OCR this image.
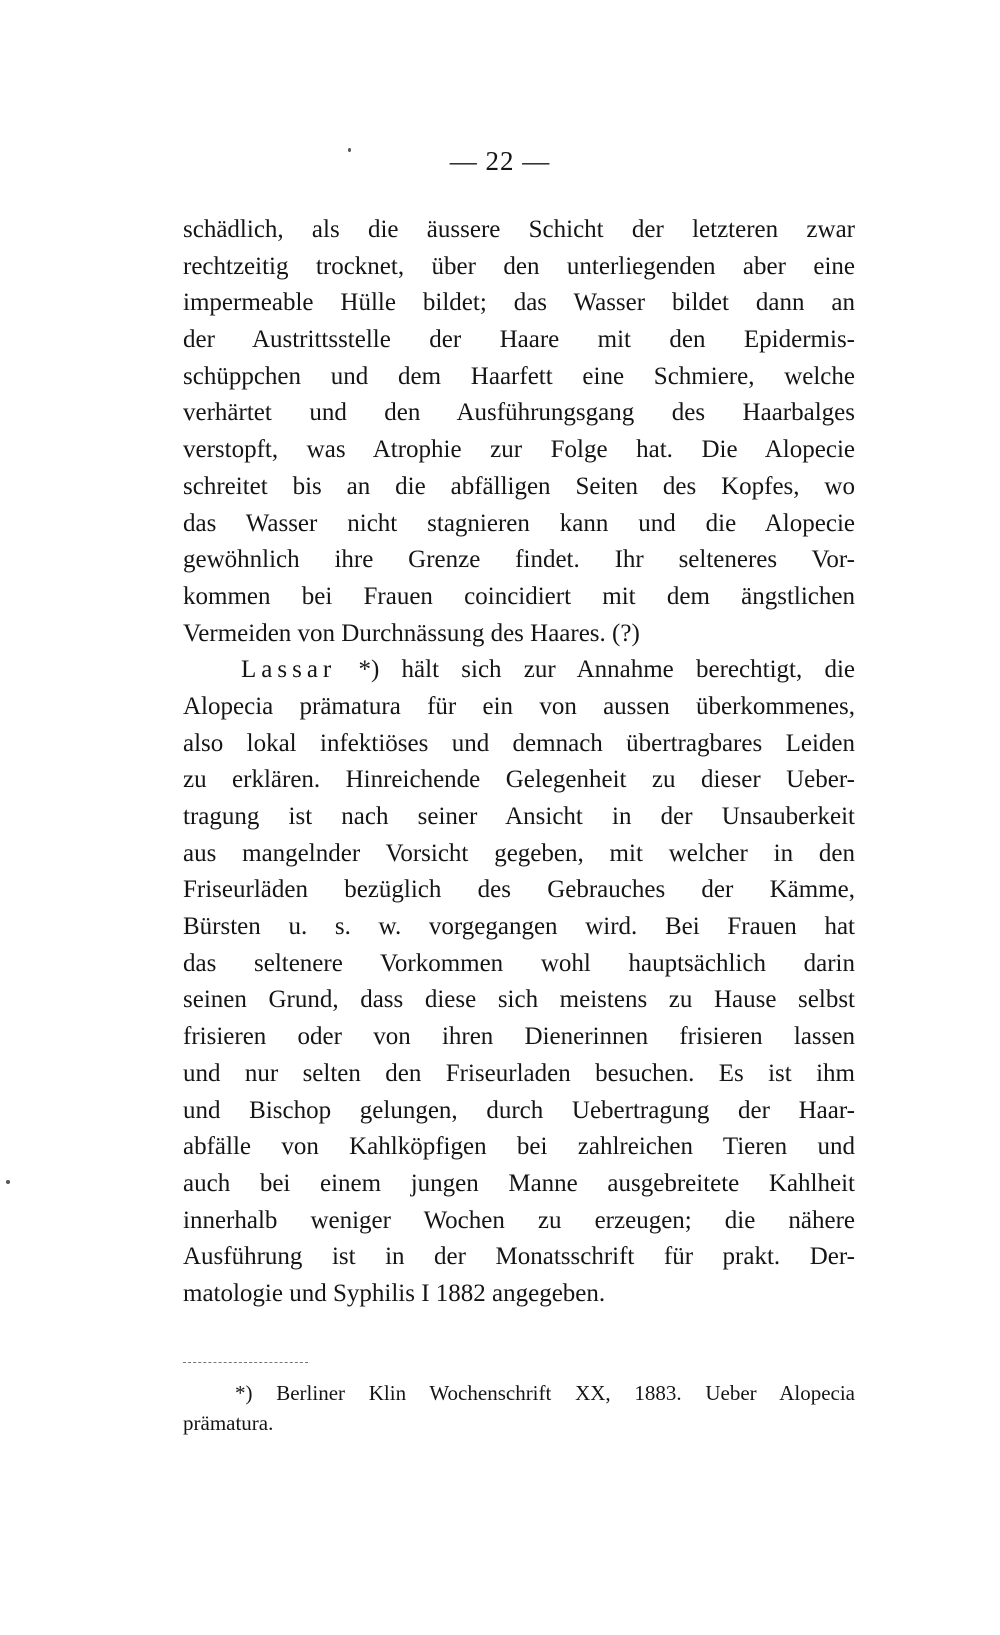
— 22 —
schädlich, als die äussere Schicht der letzteren zwar
rechtzeitig trocknet, über den unterliegenden aber eine
impermeable Hülle bildet; das Wasser bildet dann an
der Austrittsstelle der Haare mit den Epidermis-
schüppchen und dem Haarfett eine Schmiere, welche
verhärtet und den Ausführungsgang des Haarbalges
verstopft, was Atrophie zur Folge hat. Die Alopecie
schreitet bis an die abfälligen Seiten des Kopfes, wo
das Wasser nicht stagnieren kann und die Alopecie
gewöhnlich ihre Grenze findet. Ihr selteneres Vor-
kommen bei Frauen coincidiert mit dem ängstlichen
Vermeiden von Durchnässung des Haares. (?)
Lassar *) hält sich zur Annahme berechtigt, die
Alopecia prämatura für ein von aussen überkommenes,
also lokal infektiöses und demnach übertragbares Leiden
zu erklären. Hinreichende Gelegenheit zu dieser Ueber-
tragung ist nach seiner Ansicht in der Unsauberkeit
aus mangelnder Vorsicht gegeben, mit welcher in den
Friseurläden bezüglich des Gebrauches der Kämme,
Bürsten u. s. w. vorgegangen wird. Bei Frauen hat
das seltenere Vorkommen wohl hauptsächlich darin
seinen Grund, dass diese sich meistens zu Hause selbst
frisieren oder von ihren Dienerinnen frisieren lassen
und nur selten den Friseurladen besuchen. Es ist ihm
und Bischop gelungen, durch Uebertragung der Haar-
abfälle von Kahlköpfigen bei zahlreichen Tieren und
auch bei einem jungen Manne ausgebreitete Kahlheit
innerhalb weniger Wochen zu erzeugen; die nähere
Ausführung ist in der Monatsschrift für prakt. Der-
matologie und Syphilis I 1882 angegeben.
*) Berliner Klin Wochenschrift XX, 1883. Ueber Alopecia
prämatura.
